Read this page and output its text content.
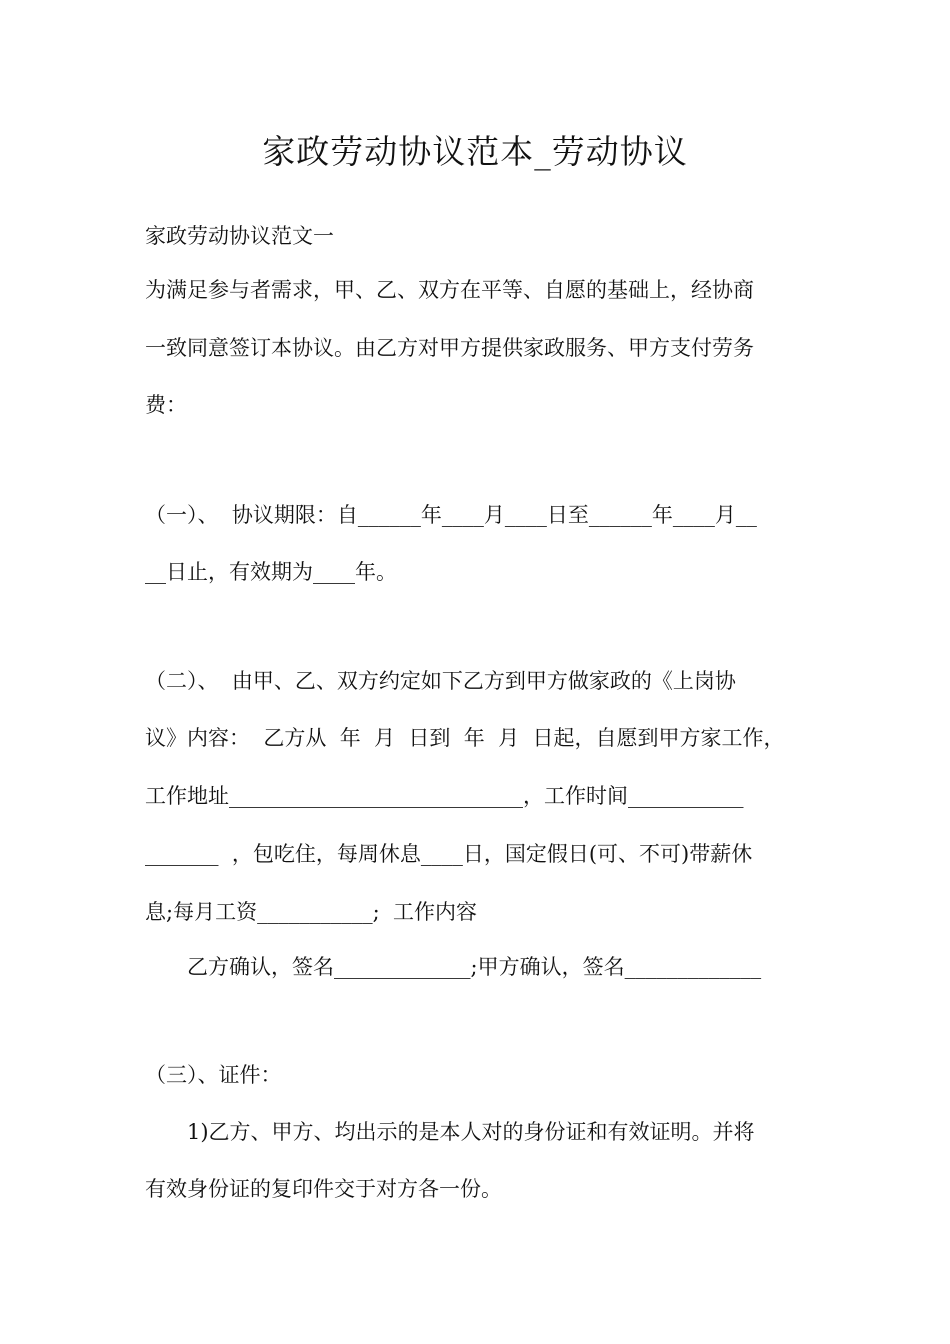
家政劳动协议范本_劳动协议
家政劳动协议范文一
为满足参与者需求，甲、乙、双方在平等、自愿的基础上，经协商
一致同意签订本协议。由乙方对甲方提供家政服务、甲方支付劳务
费：
（一）、  协议期限：自______年____月____日至______年____月__
__日止，有效期为____年。
（二）、  由甲、乙、双方约定如下乙方到甲方做家政的《上岗协
议》内容：  乙方从  年  月  日到  年  月  日起，自愿到甲方家工作，
工作地址____________________________，工作时间___________
_______  ，包吃住，每周休息____日，国定假日(可、不可)带薪休
息;每月工资___________;  工作内容
乙方确认，签名_____________;甲方确认，签名_____________
（三）、证件：
1)乙方、甲方、均出示的是本人对的身份证和有效证明。并将
有效身份证的复印件交于对方各一份。
